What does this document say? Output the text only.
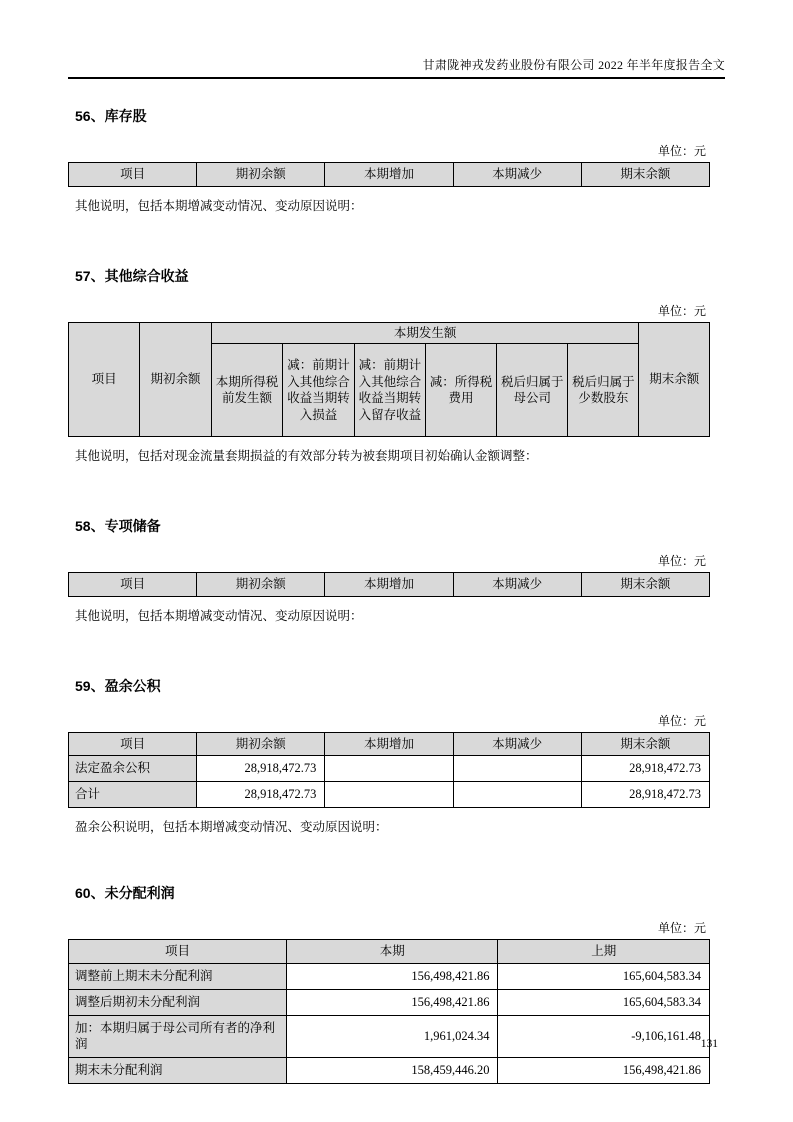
甘肃陇神戎发药业股份有限公司 2022 年半年度报告全文
56、库存股
单位：元
项目	期初余额	本期增加	本期减少	期末余额
其他说明，包括本期增减变动情况、变动原因说明：
57、其他综合收益
单位：元
项目	期初余额	本期发生额						期末余额
		本期所得税前发生额	减：前期计入其他综合收益当期转入损益	减：前期计入其他综合收益当期转入留存收益	减：所得税费用	税后归属于母公司	税后归属于少数股东	
其他说明，包括对现金流量套期损益的有效部分转为被套期项目初始确认金额调整：
58、专项储备
单位：元
项目	期初余额	本期增加	本期减少	期末余额
其他说明，包括本期增减变动情况、变动原因说明：
59、盈余公积
单位：元
项目	期初余额	本期增加	本期减少	期末余额
法定盈余公积	28,918,472.73			28,918,472.73
合计	28,918,472.73			28,918,472.73
盈余公积说明，包括本期增减变动情况、变动原因说明：
60、未分配利润
单位：元
项目	本期	上期
调整前上期末未分配利润	156,498,421.86	165,604,583.34
调整后期初未分配利润	156,498,421.86	165,604,583.34
加：本期归属于母公司所有者的净利润	1,961,024.34	-9,106,161.48
期末未分配利润	158,459,446.20	156,498,421.86
131
